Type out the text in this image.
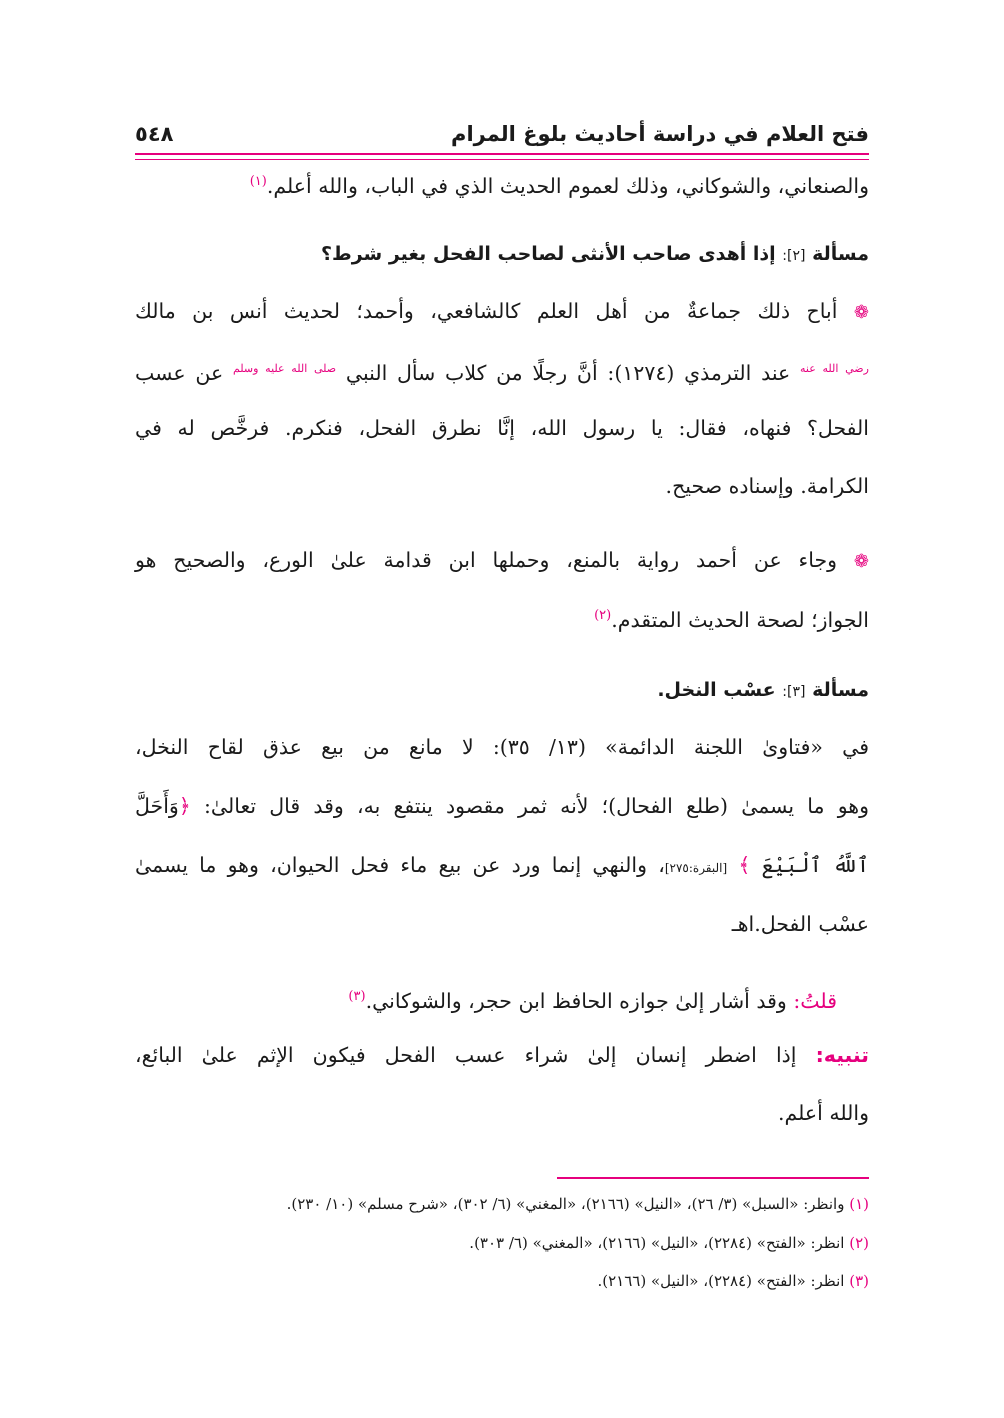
فتح العلام في دراسة أحاديث بلوغ المرام
٥٤٨
والصنعاني، والشوكاني، وذلك لعموم الحديث الذي في الباب، والله أعلم.$^{(١)}$
مسألة [٢]: إذا أهدى صاحب الأنثى لصاحب الفحل بغير شرط؟
❁ أباح ذلك جماعةٌ من أهل العلم كالشافعي، وأحمد؛ لحديث أنس بن مالك
$^{رضي الله عنه}$ عند الترمذي (١٢٧٤): أنَّ رجلًا من كلاب سأل النبي $^{صلى الله عليه وسلم}$ عن عسب
الفحل؟ فنهاه، فقال: يا رسول الله، إنَّا نطرق الفحل، فنكرم. فرخَّص له في
الكرامة. وإسناده صحيح.
❁ وجاء عن أحمد رواية بالمنع، وحملها ابن قدامة علىٰ الورع، والصحيح هو
الجواز؛ لصحة الحديث المتقدم.$^{(٢)}$
مسألة [٣]: عسْب النخل.
في «فتاوىٰ اللجنة الدائمة» (١٣/ ٣٥): لا مانع من بيع عذق لقاح النخل،
وهو ما يسمىٰ (طلع الفحال)؛ لأنه ثمر مقصود ينتفع به، وقد قال تعالىٰ: ﴿وَأَحَلَّ
ٱللَّهُ ٱلْبَيْعَ ﴾ [البقرة:٢٧٥]، والنهي إنما ورد عن بيع ماء فحل الحيوان، وهو ما يسمىٰ
عسْب الفحل.اهـ
قلتُ: وقد أشار إلىٰ جوازه الحافظ ابن حجر، والشوكاني.$^{(٣)}$
تنبيه: إذا اضطر إنسان إلىٰ شراء عسب الفحل فيكون الإثم علىٰ البائع،
والله أعلم.
(١) وانظر: «السبل» (٣/ ٢٦)، «النيل» (٢١٦٦)، «المغني» (٦/ ٣٠٢)، «شرح مسلم» (١٠/ ٢٣٠).
(٢) انظر: «الفتح» (٢٢٨٤)، «النيل» (٢١٦٦)، «المغني» (٦/ ٣٠٣).
(٣) انظر: «الفتح» (٢٢٨٤)، «النيل» (٢١٦٦).
